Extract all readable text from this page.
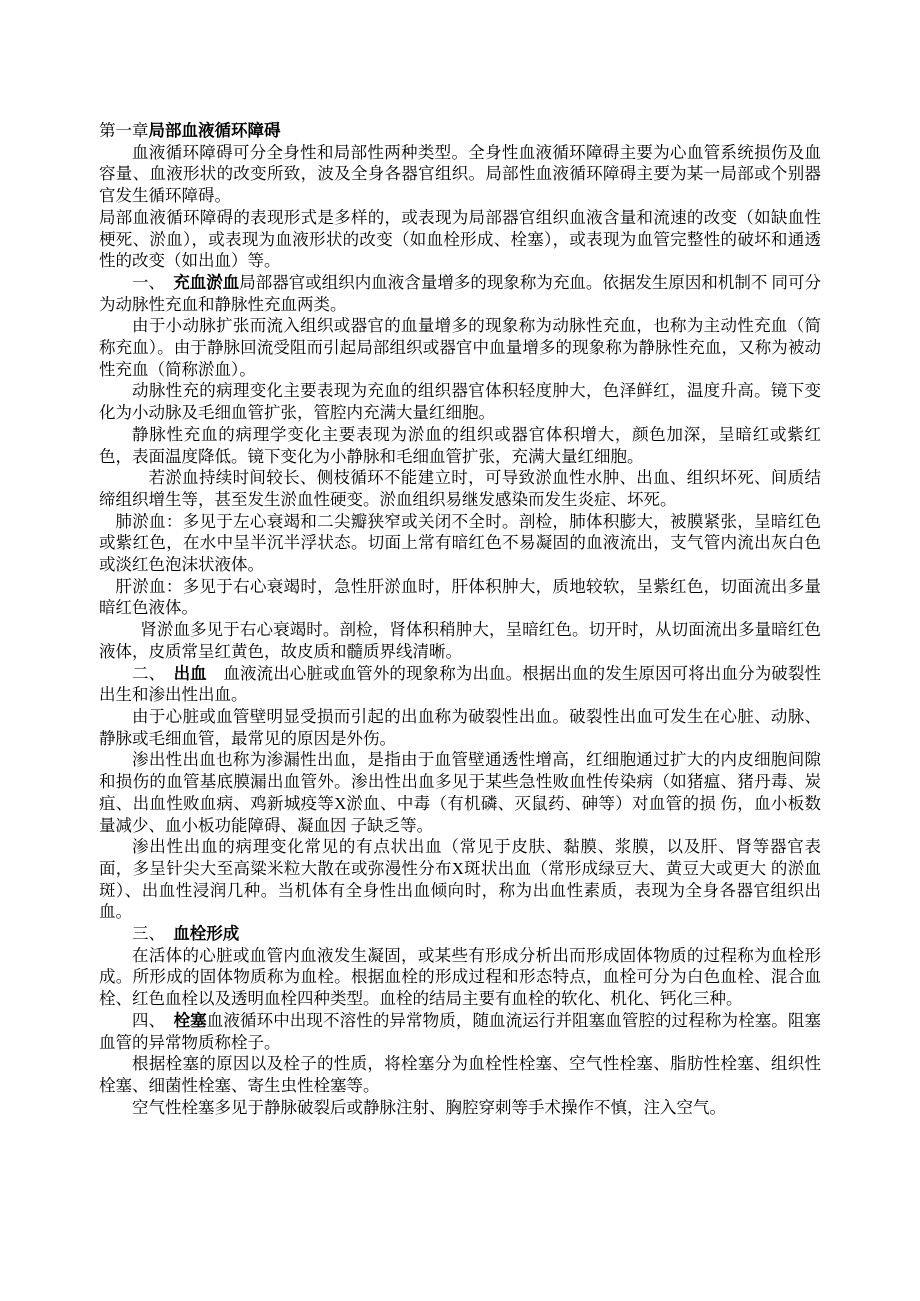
第一章局部血液循环障碍
血液循环障碍可分全身性和局部性两种类型。全身性血液循环障碍主要为心血管系统损伤及血容量、血液形状的改变所致，波及全身各器官组织。局部性血液循环障碍主要为某一局部或个别器官发生循环障碍。
局部血液循环障碍的表现形式是多样的，或表现为局部器官组织血液含量和流速的改变（如缺血性梗死、淤血），或表现为血液形状的改变（如血栓形成、栓塞），或表现为血管完整性的破坏和通透性的改变（如出血）等。
一、　充血淤血局部器官或组织内血液含量增多的现象称为充血。依据发生原因和机制不 同可分为动脉性充血和静脉性充血两类。
由于小动脉扩张而流入组织或器官的血量增多的现象称为动脉性充血，也称为主动性充血（简称充血）。由于静脉回流受阻而引起局部组织或器官中血量增多的现象称为静脉性充血，又称为被动性充血（简称淤血）。
动脉性充的病理变化主要表现为充血的组织器官体积轻度肿大，色泽鲜红，温度升高。镜下变化为小动脉及毛细血管扩张，管腔内充满大量红细胞。
静脉性充血的病理学变化主要表现为淤血的组织或器官体积增大，颜色加深，呈暗红或紫红色，表面温度降低。镜下变化为小静脉和毛细血管扩张，充满大量红细胞。
若淤血持续时间较长、侧枝循环不能建立时，可导致淤血性水肿、出血、组织坏死、间质结缔组织增生等，甚至发生淤血性硬变。淤血组织易继发感染而发生炎症、坏死。
肺淤血：多见于左心衰竭和二尖瓣狭窄或关闭不全时。剖检，肺体积膨大，被膜紧张，呈暗红色或紫红色，在水中呈半沉半浮状态。切面上常有暗红色不易凝固的血液流出，支气管内流出灰白色或淡红色泡沫状液体。
肝淤血：多见于右心衰竭时，急性肝淤血时，肝体积肿大，质地较软，呈紫红色，切面流出多量暗红色液体。
肾淤血多见于右心衰竭时。剖检，肾体积稍肿大，呈暗红色。切开时，从切面流出多量暗红色液体，皮质常呈红黄色，故皮质和髓质界线清晰。
二、　出血　血液流出心脏或血管外的现象称为出血。根据出血的发生原因可将出血分为破裂性出生和渗出性出血。
由于心脏或血管壁明显受损而引起的出血称为破裂性出血。破裂性出血可发生在心脏、动脉、静脉或毛细血管，最常见的原因是外伤。
渗出性出血也称为渗漏性出血，是指由于血管壁通透性增高，红细胞通过扩大的内皮细胞间隙和损伤的血管基底膜漏出血管外。渗出性出血多见于某些急性败血性传染病（如猪瘟、猪丹毒、炭疽、出血性败血病、鸡新城疫等X淤血、中毒（有机磷、灭鼠药、砷等）对血管的损 伤，血小板数量减少、血小板功能障碍、凝血因 子缺乏等。
渗出性出血的病理变化常见的有点状出血（常见于皮肤、黏膜、浆膜，以及肝、肾等器官表面，多呈针尖大至高粱米粒大散在或弥漫性分布X斑状出血（常形成绿豆大、黄豆大或更大 的淤血斑）、出血性浸润几种。当机体有全身性出血倾向时，称为出血性素质，表现为全身各器官组织出血。
三、　血栓形成
在活体的心脏或血管内血液发生凝固，或某些有形成分析出而形成固体物质的过程称为血栓形成。所形成的固体物质称为血栓。根据血栓的形成过程和形态特点，血栓可分为白色血栓、混合血栓、红色血栓以及透明血栓四种类型。血栓的结局主要有血栓的软化、机化、钙化三种。
四、　栓塞血液循环中出现不溶性的异常物质，随血流运行并阻塞血管腔的过程称为栓塞。阻塞血管的异常物质称栓子。
根据栓塞的原因以及栓子的性质，将栓塞分为血栓性栓塞、空气性栓塞、脂肪性栓塞、组织性栓塞、细菌性栓塞、寄生虫性栓塞等。
空气性栓塞多见于静脉破裂后或静脉注射、胸腔穿刺等手术操作不慎，注入空气。
